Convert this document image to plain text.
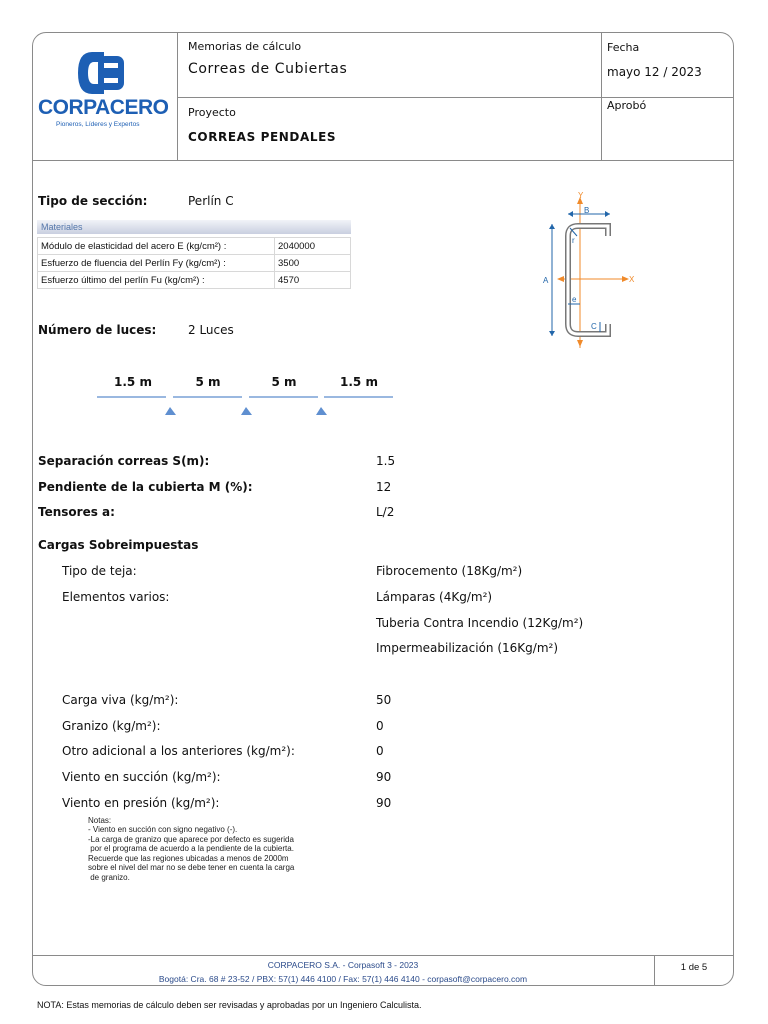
CORPACERO
Pioneros, Líderes y Expertos
Memorias de cálculo
Correas de Cubiertas
Proyecto
CORREAS PENDALES
Fecha
mayo 12 / 2023
Aprobó
Tipo de sección:	Perlín C
Materiales
Módulo de elasticidad del acero E (kg/cm²) :	2040000
Esfuerzo de fluencia del Perlín Fy (kg/cm²) :	3500
Esfuerzo último del perlín Fu (kg/cm²) :	4570
Y
B
r
A	X
e
C
Número de luces:	2 Luces
1.5 m	5 m	5 m	1.5 m
Separación correas S(m):	1.5
Pendiente de la cubierta M (%):	12
Tensores a:	L/2
Cargas Sobreimpuestas
Tipo de teja:	Fibrocemento (18Kg/m²)
Elementos varios:	Lámparas (4Kg/m²)
Tuberia Contra Incendio (12Kg/m²)
Impermeabilización (16Kg/m²)
Carga viva (kg/m²):	50
Granizo (kg/m²):	0
Otro adicional a los anteriores (kg/m²):	0
Viento en succión (kg/m²):	90
Viento en presión (kg/m²):	90
Notas:
- Viento en succión con signo negativo (-).
-La carga de granizo que aparece por defecto es sugerida
por el programa de acuerdo a la pendiente de la cubierta.
Recuerde que las regiones ubicadas a menos de 2000m
sobre el nivel del mar no se debe tener en cuenta la carga
de granizo.
CORPACERO S.A. - Corpasoft 3 - 2023
Bogotá: Cra. 68 # 23-52 / PBX: 57(1) 446 4100 / Fax: 57(1) 446 4140 - corpasoft@corpacero.com
1 de 5
NOTA: Estas memorias de cálculo deben ser revisadas y aprobadas por un Ingeniero Calculista.
